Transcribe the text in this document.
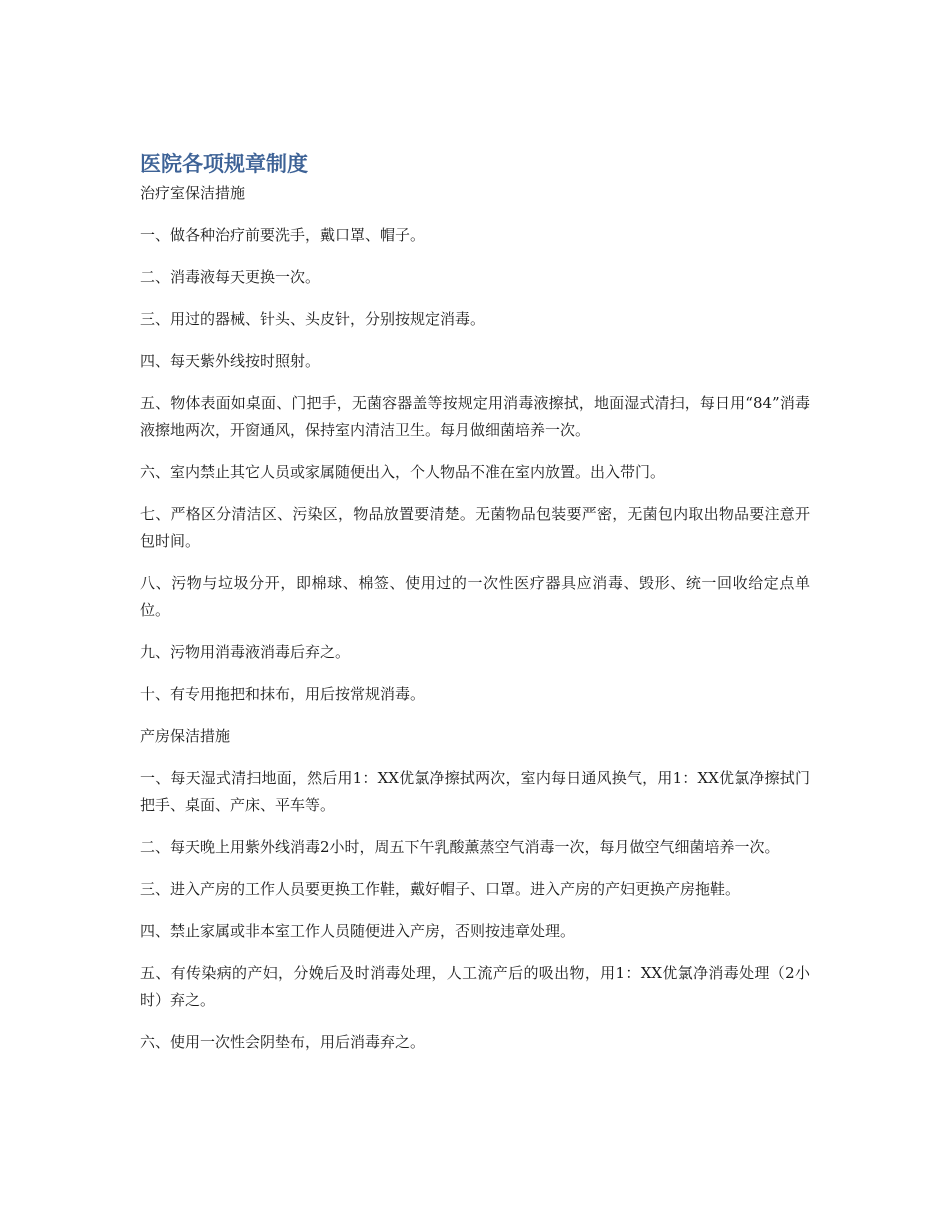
医院各项规章制度

治疗室保洁措施

一、做各种治疗前要洗手，戴口罩、帽子。

二、消毒液每天更换一次。

三、用过的器械、针头、头皮针，分别按规定消毒。

四、每天紫外线按时照射。

五、物体表面如桌面、门把手，无菌容器盖等按规定用消毒液擦拭，地面湿式清扫，每日用“84”消毒液擦地两次，开窗通风，保持室内清洁卫生。每月做细菌培养一次。

六、室内禁止其它人员或家属随便出入，个人物品不准在室内放置。出入带门。

七、严格区分清洁区、污染区，物品放置要清楚。无菌物品包装要严密，无菌包内取出物品要注意开包时间。

八、污物与垃圾分开，即棉球、棉签、使用过的一次性医疗器具应消毒、毁形、统一回收给定点单位。

九、污物用消毒液消毒后弃之。

十、有专用拖把和抹布，用后按常规消毒。

产房保洁措施

一、每天湿式清扫地面，然后用1：XX优氯净擦拭两次，室内每日通风换气，用1：XX优氯净擦拭门把手、桌面、产床、平车等。

二、每天晚上用紫外线消毒2小时，周五下午乳酸薰蒸空气消毒一次，每月做空气细菌培养一次。

三、进入产房的工作人员要更换工作鞋，戴好帽子、口罩。进入产房的产妇更换产房拖鞋。

四、禁止家属或非本室工作人员随便进入产房，否则按违章处理。

五、有传染病的产妇，分娩后及时消毒处理，人工流产后的吸出物，用1：XX优氯净消毒处理（2小时）弃之。

六、使用一次性会阴垫布，用后消毒弃之。
